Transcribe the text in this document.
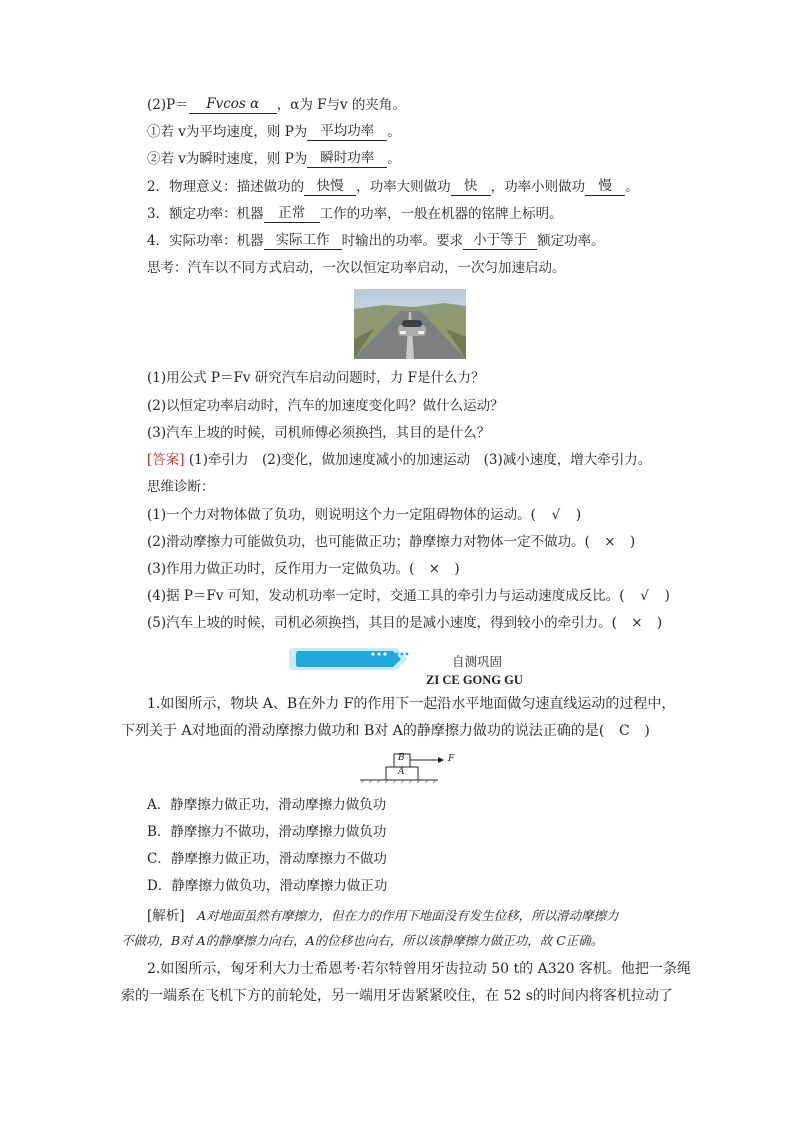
(2)P＝ Fvcos α ，α为 F与v 的夹角。
①若 v为平均速度，则 P为 平均功率 。
②若 v为瞬时速度，则 P为 瞬时功率 。
2．物理意义：描述做功的 快慢 ，功率大则做功 快 ，功率小则做功 慢 。
3．额定功率：机器 正常 工作的功率，一般在机器的铭牌上标明。
4．实际功率：机器 实际工作 时输出的功率。要求 小于等于 额定功率。
思考：汽车以不同方式启动，一次以恒定功率启动，一次匀加速启动。
(1)用公式 P＝Fv 研究汽车启动问题时，力 F是什么力？
(2)以恒定功率启动时，汽车的加速度变化吗？做什么运动？
(3)汽车上坡的时候，司机师傅必须换挡，其目的是什么？
[答案] (1)牵引力　(2)变化，做加速度减小的加速运动　(3)减小速度，增大牵引力。
思维诊断：
(1)一个力对物体做了负功，则说明这个力一定阻碍物体的运动。( √ )
(2)滑动摩擦力可能做负功，也可能做正功；静摩擦力对物体一定不做功。( × )
(3)作用力做正功时，反作用力一定做负功。( × )
(4)据 P＝Fv 可知，发动机功率一定时，交通工具的牵引力与运动速度成反比。( √ )
(5)汽车上坡的时候，司机必须换挡，其目的是减小速度，得到较小的牵引力。( × )
自测巩固
ZI CE GONG GU
1.如图所示，物块 A、B在外力 F的作用下一起沿水平地面做匀速直线运动的过程中，
下列关于 A对地面的滑动摩擦力做功和 B对 A的静摩擦力做功的说法正确的是( C )
B
A
F
A．静摩擦力做正功，滑动摩擦力做负功
B．静摩擦力不做功，滑动摩擦力做负功
C．静摩擦力做正功，滑动摩擦力不做功
D．静摩擦力做负功，滑动摩擦力做正功
[解析]　 A对地面虽然有摩擦力，但在力的作用下地面没有发生位移，所以滑动摩擦力
不做功，B对 A的静摩擦力向右，A的位移也向右，所以该静摩擦力做正功，故 C正确。
2.如图所示，匈牙利大力士希恩考·若尔特曾用牙齿拉动 50 t的 A320 客机。他把一条绳
索的一端系在飞机下方的前轮处，另一端用牙齿紧紧咬住，在 52 s的时间内将客机拉动了
